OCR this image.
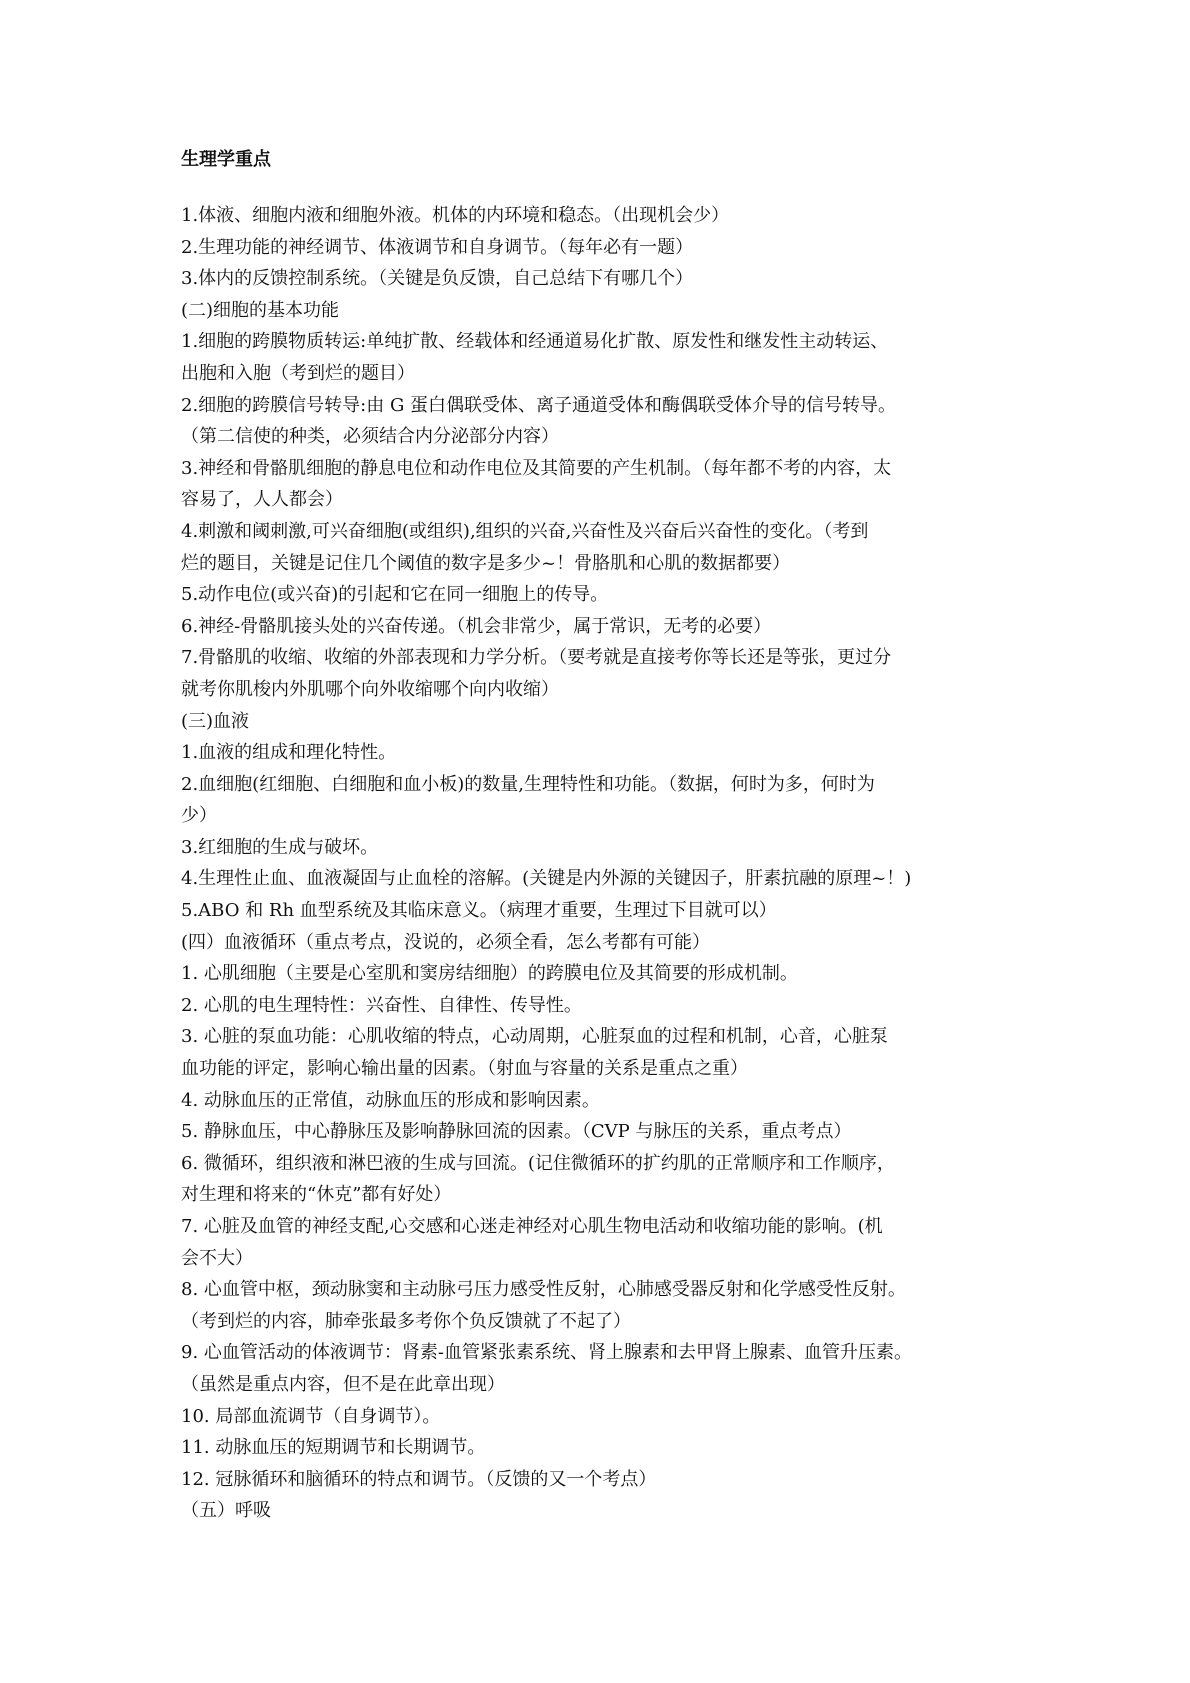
生理学重点
1.体液、细胞内液和细胞外液。机体的内环境和稳态。（出现机会少）
2.生理功能的神经调节、体液调节和自身调节。（每年必有一题）
3.体内的反馈控制系统。（关键是负反馈，自己总结下有哪几个）
(二)细胞的基本功能
1.细胞的跨膜物质转运:单纯扩散、经载体和经通道易化扩散、原发性和继发性主动转运、
出胞和入胞（考到烂的题目）
2.细胞的跨膜信号转导:由 G 蛋白偶联受体、离子通道受体和酶偶联受体介导的信号转导。
（第二信使的种类，必须结合内分泌部分内容）
3.神经和骨骼肌细胞的静息电位和动作电位及其简要的产生机制。（每年都不考的内容，太
容易了，人人都会）
4.刺激和阈刺激,可兴奋细胞(或组织),组织的兴奋,兴奋性及兴奋后兴奋性的变化。（考到
烂的题目，关键是记住几个阈值的数字是多少~！骨胳肌和心肌的数据都要）
5.动作电位(或兴奋)的引起和它在同一细胞上的传导。
6.神经-骨骼肌接头处的兴奋传递。（机会非常少，属于常识，无考的必要）
7.骨骼肌的收缩、收缩的外部表现和力学分析。（要考就是直接考你等长还是等张，更过分
就考你肌梭内外肌哪个向外收缩哪个向内收缩）
(三)血液
1.血液的组成和理化特性。
2.血细胞(红细胞、白细胞和血小板)的数量,生理特性和功能。（数据，何时为多，何时为
少）
3.红细胞的生成与破坏。
4.生理性止血、血液凝固与止血栓的溶解。(关键是内外源的关键因子，肝素抗融的原理~！)
5.ABO 和 Rh 血型系统及其临床意义。（病理才重要，生理过下目就可以）
(四）血液循环（重点考点，没说的，必须全看，怎么考都有可能）
1. 心肌细胞（主要是心室肌和窦房结细胞）的跨膜电位及其简要的形成机制。
2. 心肌的电生理特性：兴奋性、自律性、传导性。
3. 心脏的泵血功能：心肌收缩的特点，心动周期，心脏泵血的过程和机制，心音，心脏泵
血功能的评定，影响心输出量的因素。（射血与容量的关系是重点之重）
4. 动脉血压的正常值，动脉血压的形成和影响因素。
5. 静脉血压，中心静脉压及影响静脉回流的因素。（CVP 与脉压的关系，重点考点）
6. 微循环，组织液和淋巴液的生成与回流。(记住微循环的扩约肌的正常顺序和工作顺序，
对生理和将来的“休克”都有好处）
7. 心脏及血管的神经支配,心交感和心迷走神经对心肌生物电活动和收缩功能的影响。(机
会不大）
8. 心血管中枢，颈动脉窦和主动脉弓压力感受性反射，心肺感受器反射和化学感受性反射。
（考到烂的内容，肺牵张最多考你个负反馈就了不起了）
9. 心血管活动的体液调节：肾素-血管紧张素系统、肾上腺素和去甲肾上腺素、血管升压素。
（虽然是重点内容，但不是在此章出现）
10. 局部血流调节（自身调节）。
11. 动脉血压的短期调节和长期调节。
12. 冠脉循环和脑循环的特点和调节。（反馈的又一个考点）
（五）呼吸
